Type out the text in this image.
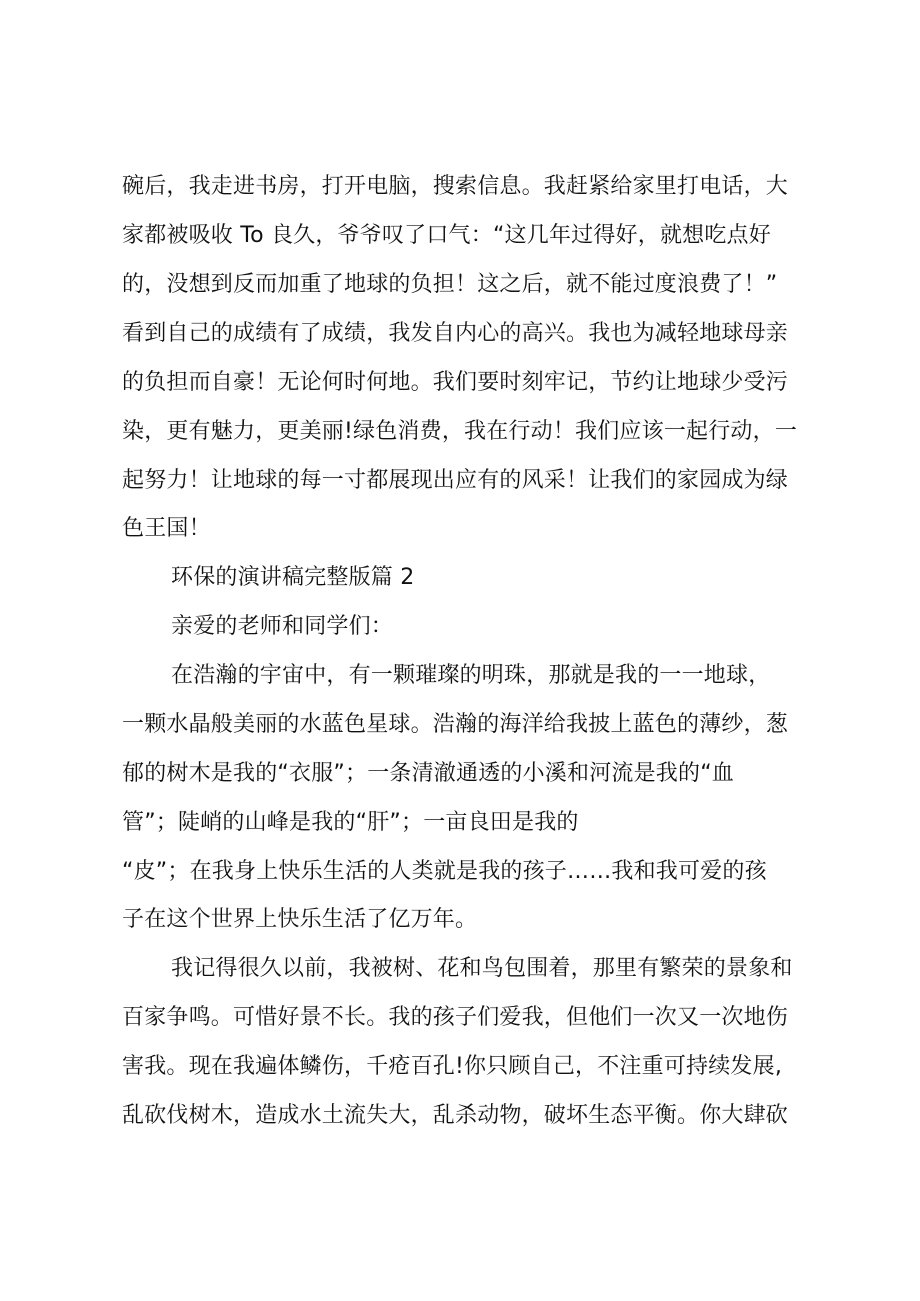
碗后，我走进书房，打开电脑，搜索信息。我赶紧给家里打电话，大
家都被吸收 To 良久，爷爷叹了口气：“这几年过得好，就想吃点好
的，没想到反而加重了地球的负担！这之后，就不能过度浪费了！”
看到自己的成绩有了成绩，我发自内心的高兴。我也为减轻地球母亲
的负担而自豪！无论何时何地。我们要时刻牢记，节约让地球少受污
染，更有魅力，更美丽!绿色消费，我在行动！我们应该一起行动，一
起努力！让地球的每一寸都展现出应有的风采！让我们的家园成为绿
色王国！
环保的演讲稿完整版篇 2
亲爱的老师和同学们：
在浩瀚的宇宙中，有一颗璀璨的明珠，那就是我的一一地球，
一颗水晶般美丽的水蓝色星球。浩瀚的海洋给我披上蓝色的薄纱，葱
郁的树木是我的“衣服”；一条清澈通透的小溪和河流是我的“血
管”；陡峭的山峰是我的“肝”；一亩良田是我的
“皮”；在我身上快乐生活的人类就是我的孩子……我和我可爱的孩
子在这个世界上快乐生活了亿万年。
我记得很久以前，我被树、花和鸟包围着，那里有繁荣的景象和
百家争鸣。可惜好景不长。我的孩子们爱我，但他们一次又一次地伤
害我。现在我遍体鳞伤，千疮百孔!你只顾自己，不注重可持续发展,
乱砍伐树木，造成水土流失大，乱杀动物，破坏生态平衡。你大肆砍
